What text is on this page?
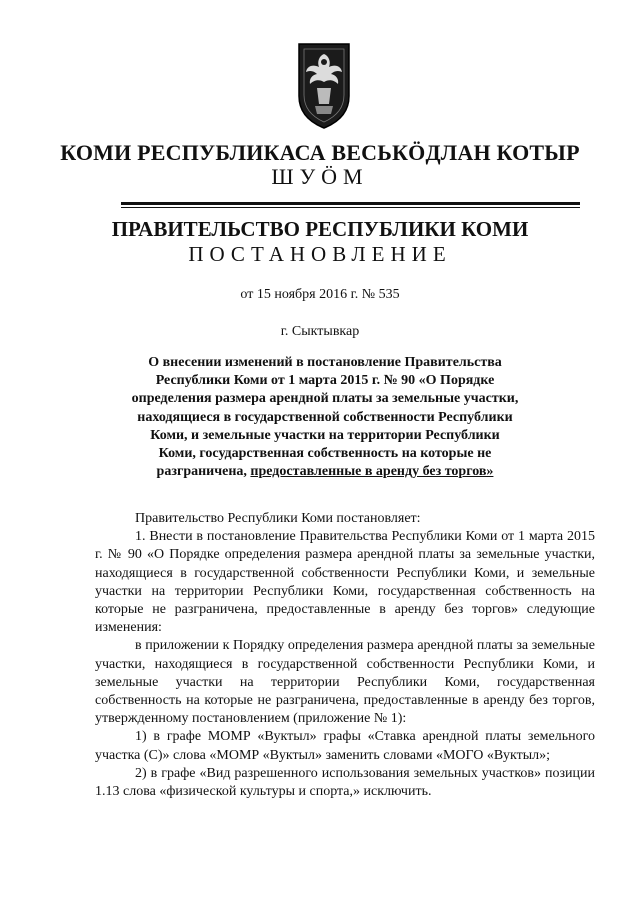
КОМИ РЕСПУБЛИКАСА ВЕСЬКӦДЛАН КОТЫР
ШУӦМ
ПРАВИТЕЛЬСТВО РЕСПУБЛИКИ КОМИ
ПОСТАНОВЛЕНИЕ
от 15 ноября 2016 г. № 535
г. Сыктывкар
О внесении изменений в постановление Правительства Республики Коми от 1 марта 2015 г. № 90 «О Порядке определения размера арендной платы за земельные участки, находящиеся в государственной собственности Республики Коми, и земельные участки на территории Республики Коми, государственная собственность на которые не разграничена, предоставленные в аренду без торгов»

Правительство Республики Коми постановляет:

1. Внести в постановление Правительства Республики Коми от 1 марта 2015 г. № 90 «О Порядке определения размера арендной платы за земельные участки, находящиеся в государственной собственности Республики Коми, и земельные участки на территории Республики Коми, государственная собственность на которые не разграничена, предоставленные в аренду без торгов» следующие изменения:

в приложении к Порядку определения размера арендной платы за земельные участки, находящиеся в государственной собственности Республики Коми, и земельные участки на территории Республики Коми, государственная собственность на которые не разграничена, предоставленные в аренду без торгов, утвержденному постановлением (приложение № 1):

1) в графе МОМР «Вуктыл» графы «Ставка арендной платы земельного участка (С)» слова «МОМР «Вуктыл» заменить словами «МОГО «Вуктыл»;

2) в графе «Вид разрешенного использования земельных участков» позиции 1.13 слова «физической культуры и спорта,» исключить.
